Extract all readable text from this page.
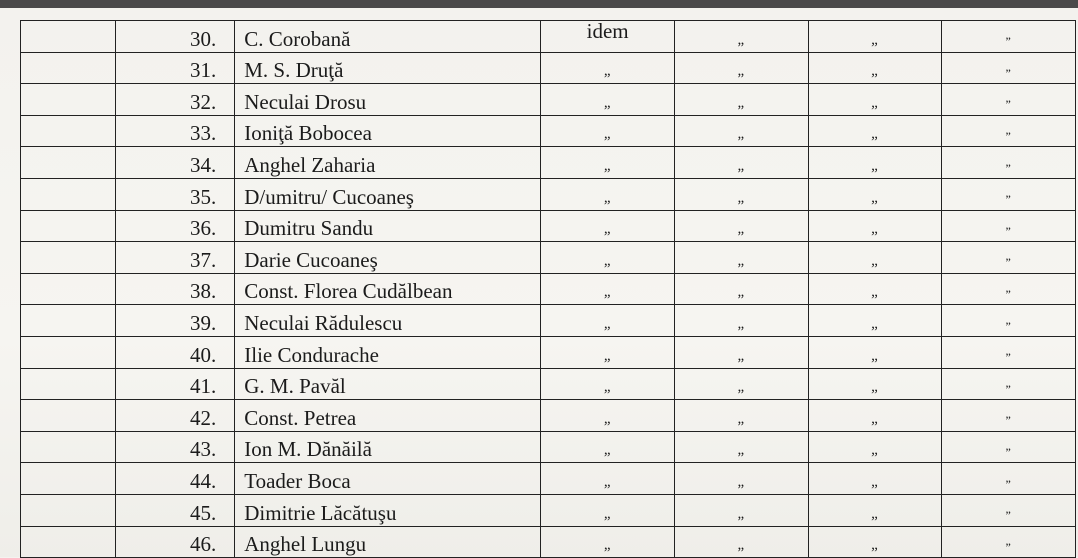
	30.	C. Corobană	idem	”	”	”
	31.	M. S. Druţă	”	”	”	”
	32.	Neculai Drosu	”	”	”	”
	33.	Ioniţă Bobocea	”	”	”	”
	34.	Anghel Zaharia	”	”	”	”
	35.	D/umitru/ Cucoaneş	”	”	”	”
	36.	Dumitru Sandu	”	”	”	”
	37.	Darie Cucoaneş	”	”	”	”
	38.	Const. Florea Cudălbean	”	”	”	”
	39.	Neculai Rădulescu	”	”	”	”
	40.	Ilie Condurache	”	”	”	”
	41.	G. M. Pavăl	”	”	”	”
	42.	Const. Petrea	”	”	”	”
	43.	Ion M. Dănăilă	”	”	”	”
	44.	Toader Boca	”	”	”	”
	45.	Dimitrie Lăcătuşu	”	”	”	”
	46.	Anghel Lungu	”	”	”	”
